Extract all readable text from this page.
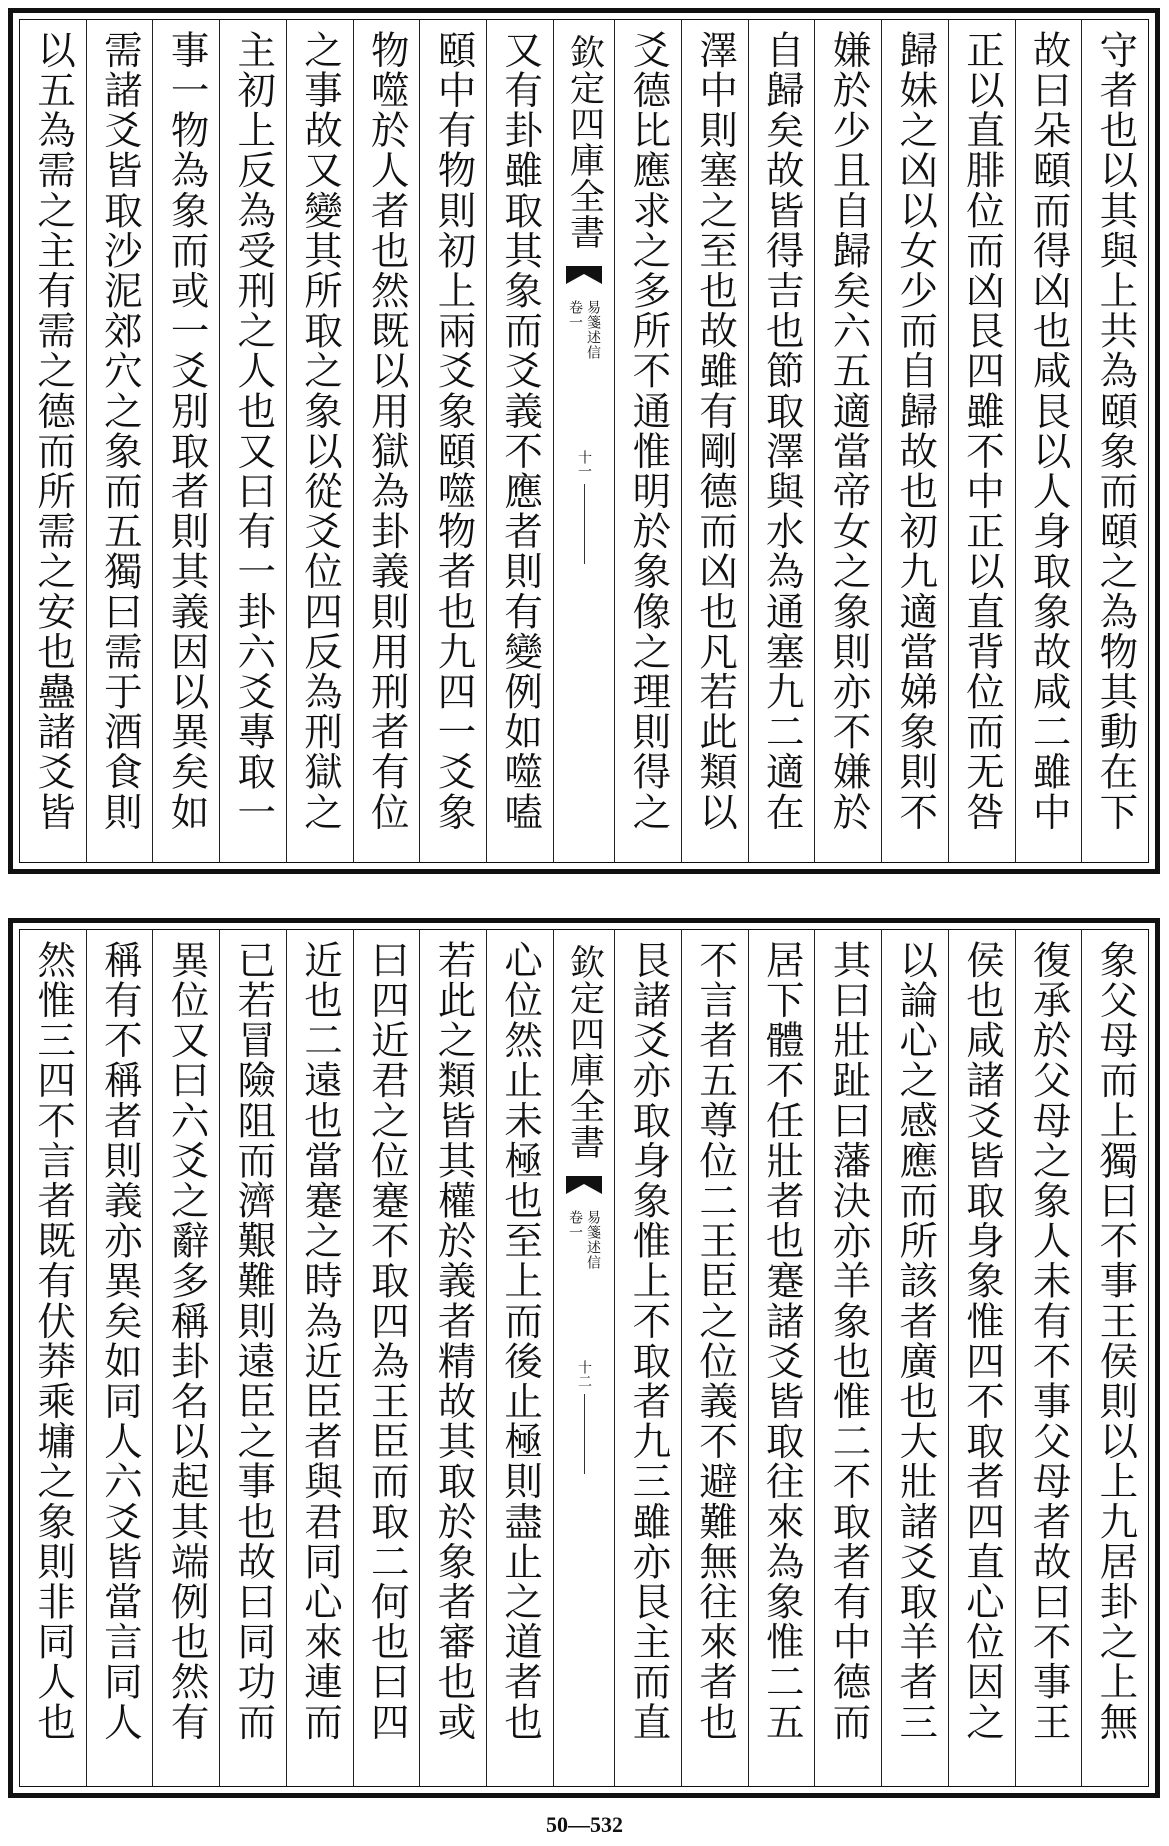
守者也以其與上共為頤象而頤之為物其動在下
故曰朵頤而得凶也咸艮以人身取象故咸二雖中
正以直腓位而凶艮四雖不中正以直背位而无咎
歸妹之凶以女少而自歸故也初九適當娣象則不
嫌於少且自歸矣六五適當帝女之象則亦不嫌於
自歸矣故皆得吉也節取澤與水為通塞九二適在
澤中則塞之至也故雖有剛德而凶也凡若此類以
爻德比應求之多所不通惟明於象像之理則得之
欽定四庫全書
易箋述信
卷一
十一
又有卦雖取其象而爻義不應者則有變例如噬嗑
頤中有物則初上兩爻象頤噬物者也九四一爻象
物噬於人者也然既以用獄為卦義則用刑者有位
之事故又變其所取之象以從爻位四反為刑獄之
主初上反為受刑之人也又曰有一卦六爻專取一
事一物為象而或一爻別取者則其義因以異矣如
需諸爻皆取沙泥郊穴之象而五獨曰需于酒食則
以五為需之主有需之德而所需之安也蠱諸爻皆
象父母而上獨曰不事王侯則以上九居卦之上無
復承於父母之象人未有不事父母者故曰不事王
侯也咸諸爻皆取身象惟四不取者四直心位因之
以論心之感應而所該者廣也大壯諸爻取羊者三
其曰壯趾曰藩決亦羊象也惟二不取者有中德而
居下體不任壯者也蹇諸爻皆取往來為象惟二五
不言者五尊位二王臣之位義不避難無往來者也
艮諸爻亦取身象惟上不取者九三雖亦艮主而直
欽定四庫全書
易箋述信
卷一
十二
心位然止未極也至上而後止極則盡止之道者也
若此之類皆其權於義者精故其取於象者審也或
曰四近君之位蹇不取四為王臣而取二何也曰四
近也二遠也當蹇之時為近臣者與君同心來連而
已若冒險阻而濟艱難則遠臣之事也故曰同功而
異位又曰六爻之辭多稱卦名以起其端例也然有
稱有不稱者則義亦異矣如同人六爻皆當言同人
然惟三四不言者既有伏莽乘墉之象則非同人也
50—532
